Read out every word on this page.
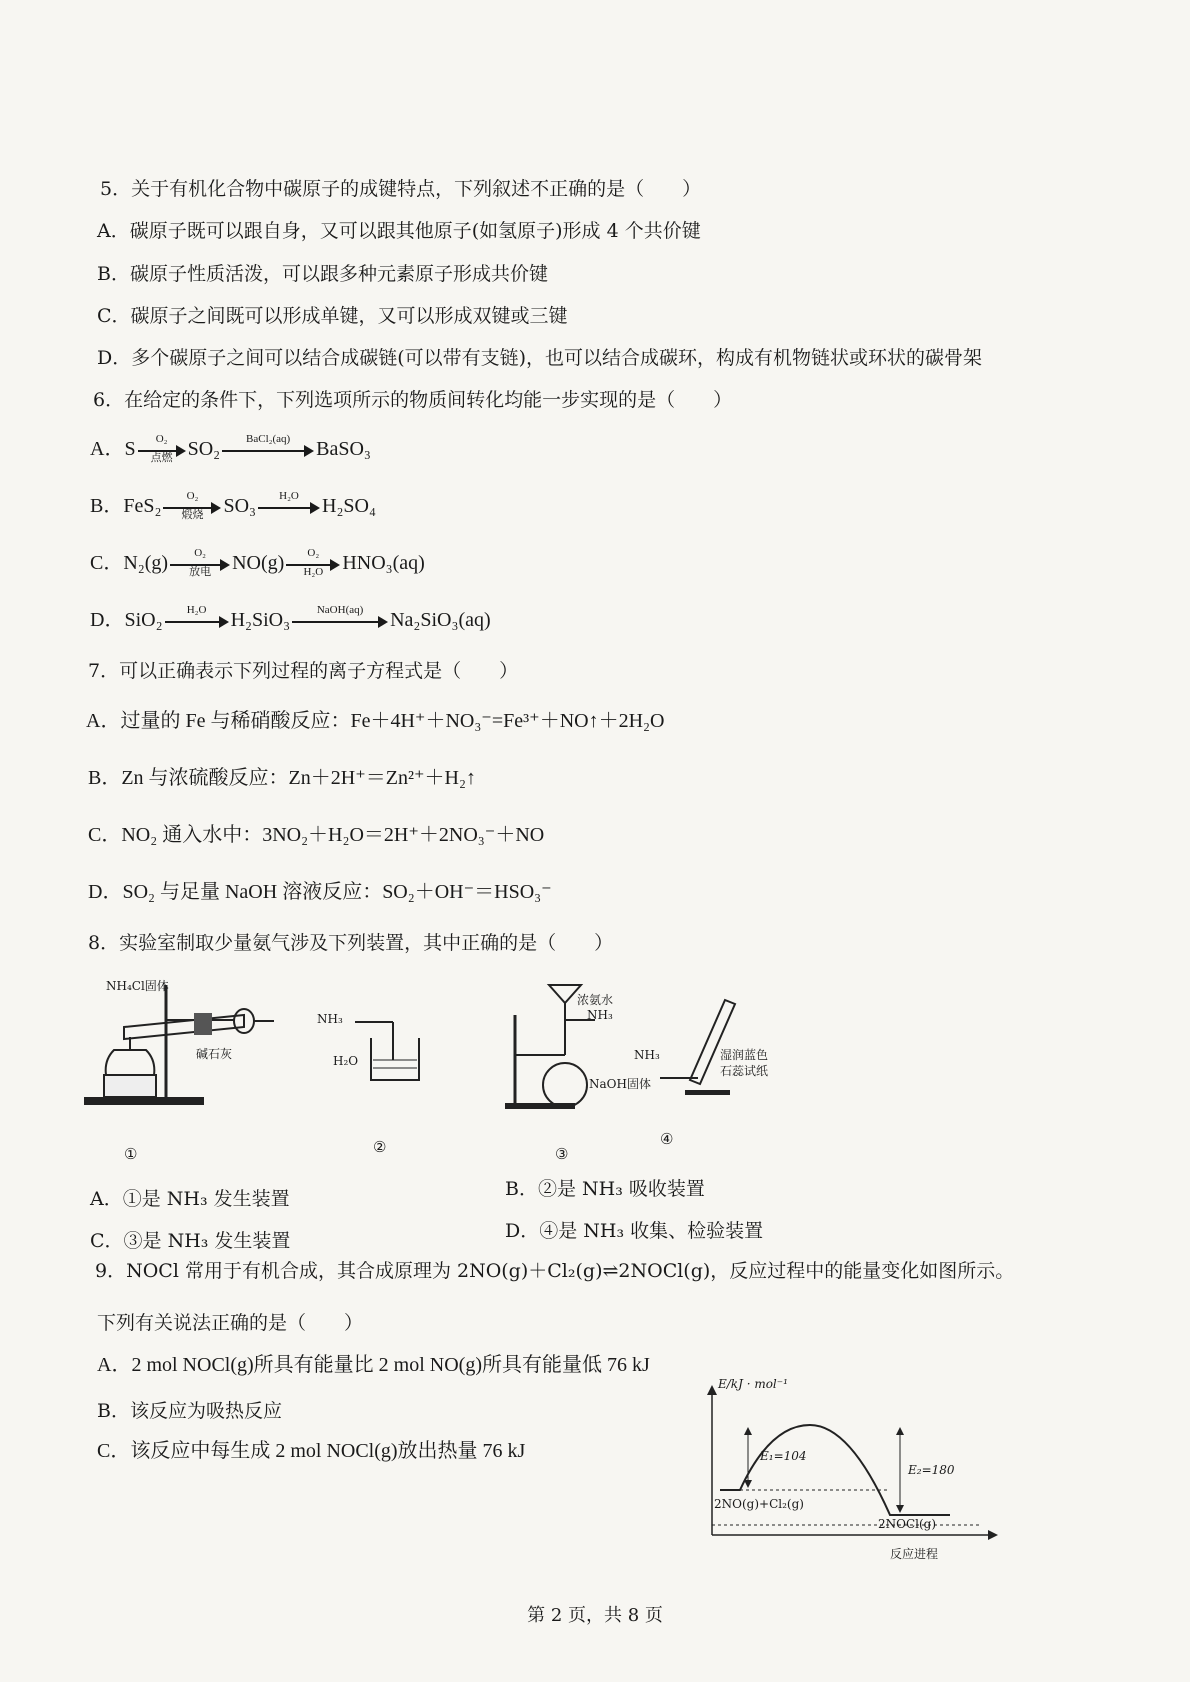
5．关于有机化合物中碳原子的成键特点，下列叙述不正确的是（　　）
A．碳原子既可以跟自身，又可以跟其他原子(如氢原子)形成 4 个共价键
B．碳原子性质活泼，可以跟多种元素原子形成共价键
C．碳原子之间既可以形成单键，又可以形成双键或三键
D．多个碳原子之间可以结合成碳链(可以带有支链)，也可以结合成碳环，构成有机物链状或环状的碳骨架
6．在给定的条件下，下列选项所示的物质间转化均能一步实现的是（　　）
A．S	O₂
点燃 SO₂	BaCl₂(aq)	BaSO₃
B．FeS₂	O₂
煅烧	SO₃	H₂O	H₂SO₄
C．N₂(g)	O₂
放电	$NO(g) \frac{\text{O₂}}{\text{H₂O}} HNO_3(aq)$
D．SiO₂	H₂O	H₂SiO₃	NaOH(aq)	Na₂SiO₃(aq)
7．可以正确表示下列过程的离子方程式是（　　）
A．过量的 Fe 与稀硝酸反应：Fe＋4H⁺＋NO₃⁻=Fe³⁺＋NO↑＋2H₂O
B．Zn 与浓硫酸反应：Zn＋2H⁺＝Zn²⁺＋H₂↑
C．NO₂ 通入水中：3NO₂＋H₂O＝2H⁺＋2NO₃⁻＋NO
D．SO₂ 与足量 NaOH 溶液反应：SO₂＋OH⁻＝HSO₃⁻
8．实验室制取少量氨气涉及下列装置，其中正确的是（　　）
NH₄Cl固体
碱石灰
①
NH₃
H₂O
②
浓氨水
NH₃
NaOH固体
③
NH₃	湿润蓝色
石蕊试纸
④
A．①是 NH₃ 发生装置	B．②是 NH₃ 吸收装置
C．③是 NH₃ 发生装置	D．④是 NH₃ 收集、检验装置
9．NOCl 常用于有机合成，其合成原理为 2NO(g)＋Cl₂(g)⇌2NOCl(g)，反应过程中的能量变化如图所示。
下列有关说法正确的是（　　）
A．2 mol NOCl(g)所具有能量比 2 mol NO(g)所具有能量低 76 kJ
B．该反应为吸热反应
C．该反应中每生成 2 mol NOCl(g)放出热量 76 kJ
E/kJ · mol⁻¹
E₁=104
E₂=180
2NO(g)+Cl₂(g)
2NOCl(g)
反应进程
第 2 页，共 8 页
